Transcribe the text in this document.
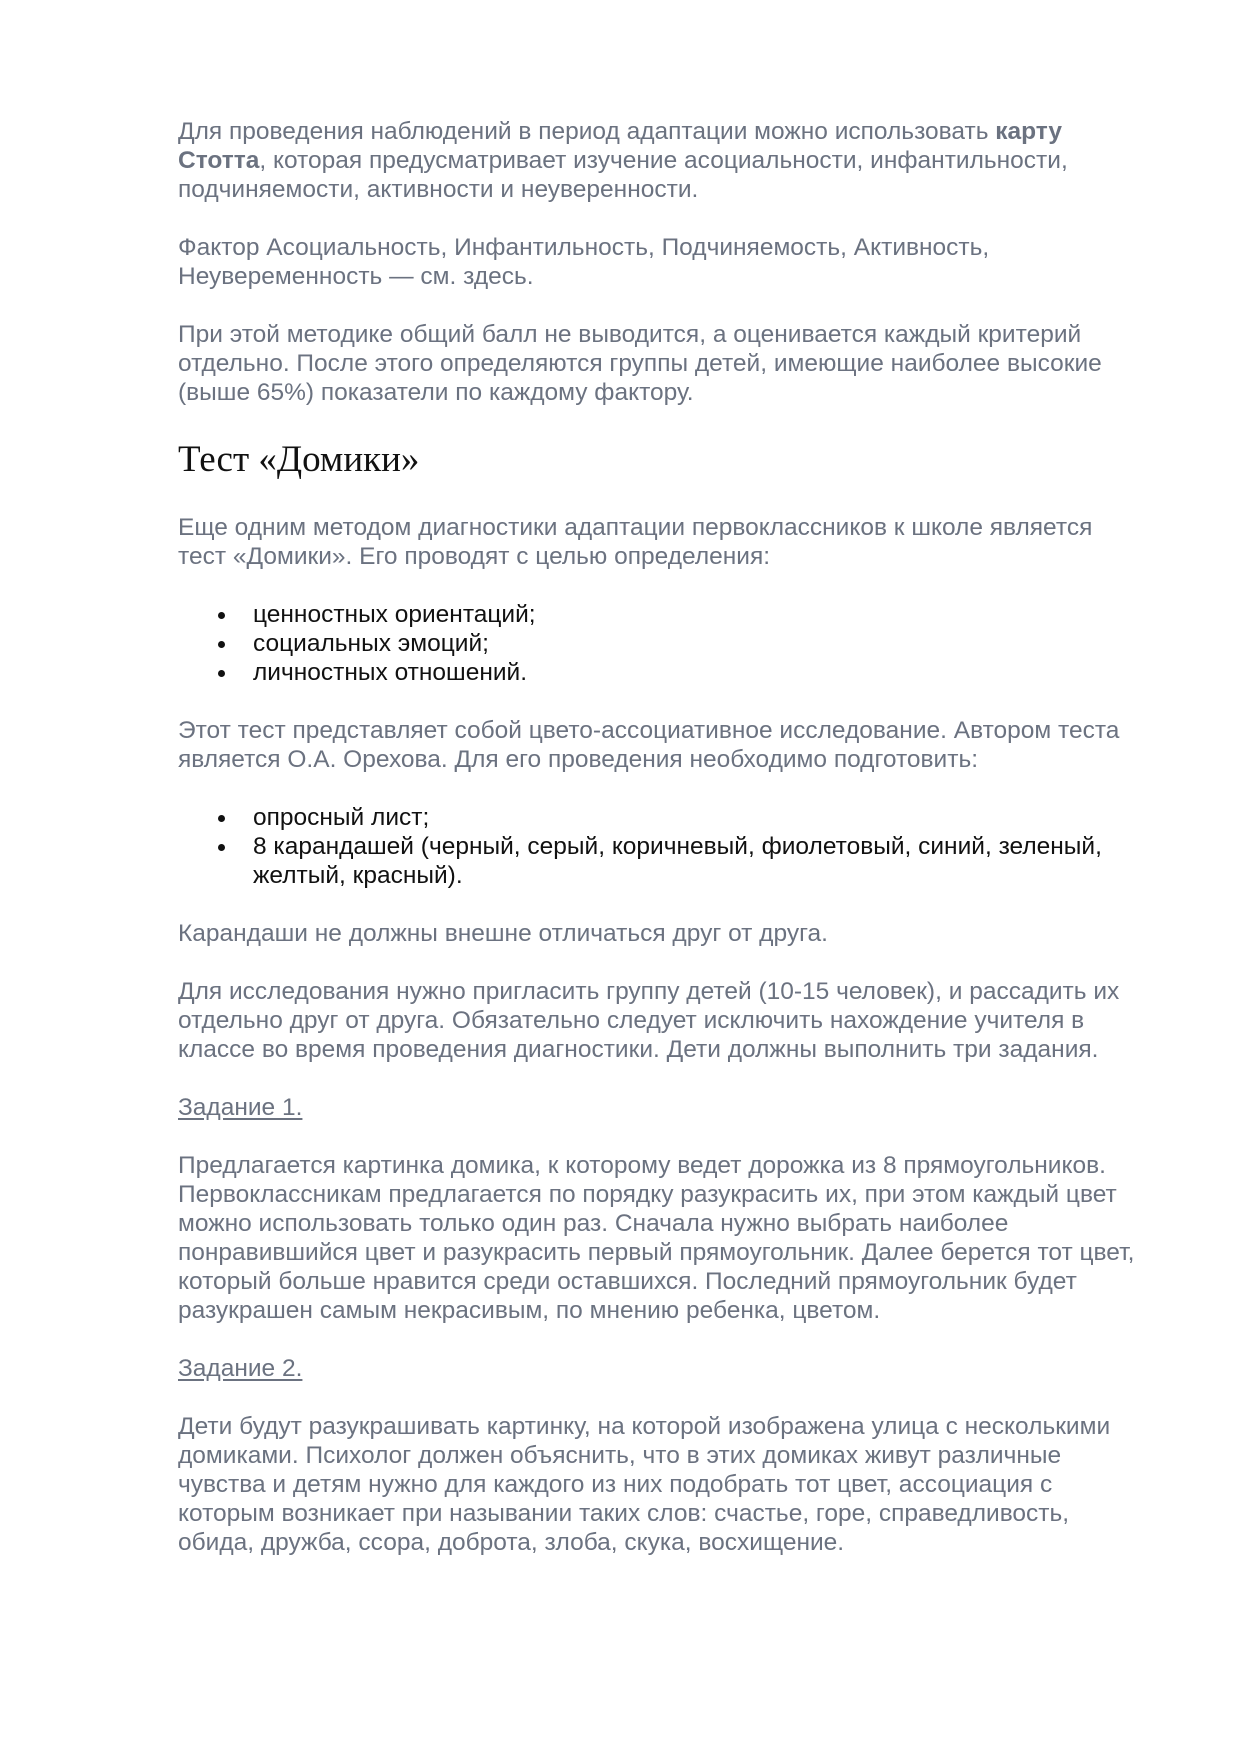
Для проведения наблюдений в период адаптации можно использовать карту Стотта, которая предусматривает изучение асоциальности, инфантильности, подчиняемости, активности и неуверенности.

Фактор Асоциальность, Инфантильность, Подчиняемость, Активность, Неувеременность — см. здесь.

При этой методике общий балл не выводится, а оценивается каждый критерий отдельно. После этого определяются группы детей, имеющие наиболее высокие (выше 65%) показатели по каждому фактору.

Тест «Домики»

Еще одним методом диагностики адаптации первоклассников к школе является тест «Домики». Его проводят с целью определения:

ценностных ориентаций;
социальных эмоций;
личностных отношений.

Этот тест представляет собой цвето-ассоциативное исследование. Автором теста является О.А. Орехова. Для его проведения необходимо подготовить:

опросный лист;
8 карандашей (черный, серый, коричневый, фиолетовый, синий, зеленый, желтый, красный).

Карандаши не должны внешне отличаться друг от друга.

Для исследования нужно пригласить группу детей (10-15 человек), и рассадить их отдельно друг от друга. Обязательно следует исключить нахождение учителя в классе во время проведения диагностики. Дети должны выполнить три задания.

Задание 1.

Предлагается картинка домика, к которому ведет дорожка из 8 прямоугольников. Первоклассникам предлагается по порядку разукрасить их, при этом каждый цвет можно использовать только один раз. Сначала нужно выбрать наиболее понравившийся цвет и разукрасить первый прямоугольник. Далее берется тот цвет, который больше нравится среди оставшихся. Последний прямоугольник будет разукрашен самым некрасивым, по мнению ребенка, цветом.

Задание 2.

Дети будут разукрашивать картинку, на которой изображена улица с несколькими домиками. Психолог должен объяснить, что в этих домиках живут различные чувства и детям нужно для каждого из них подобрать тот цвет, ассоциация с которым возникает при назывании таких слов: счастье, горе, справедливость, обида, дружба, ссора, доброта, злоба, скука, восхищение.
